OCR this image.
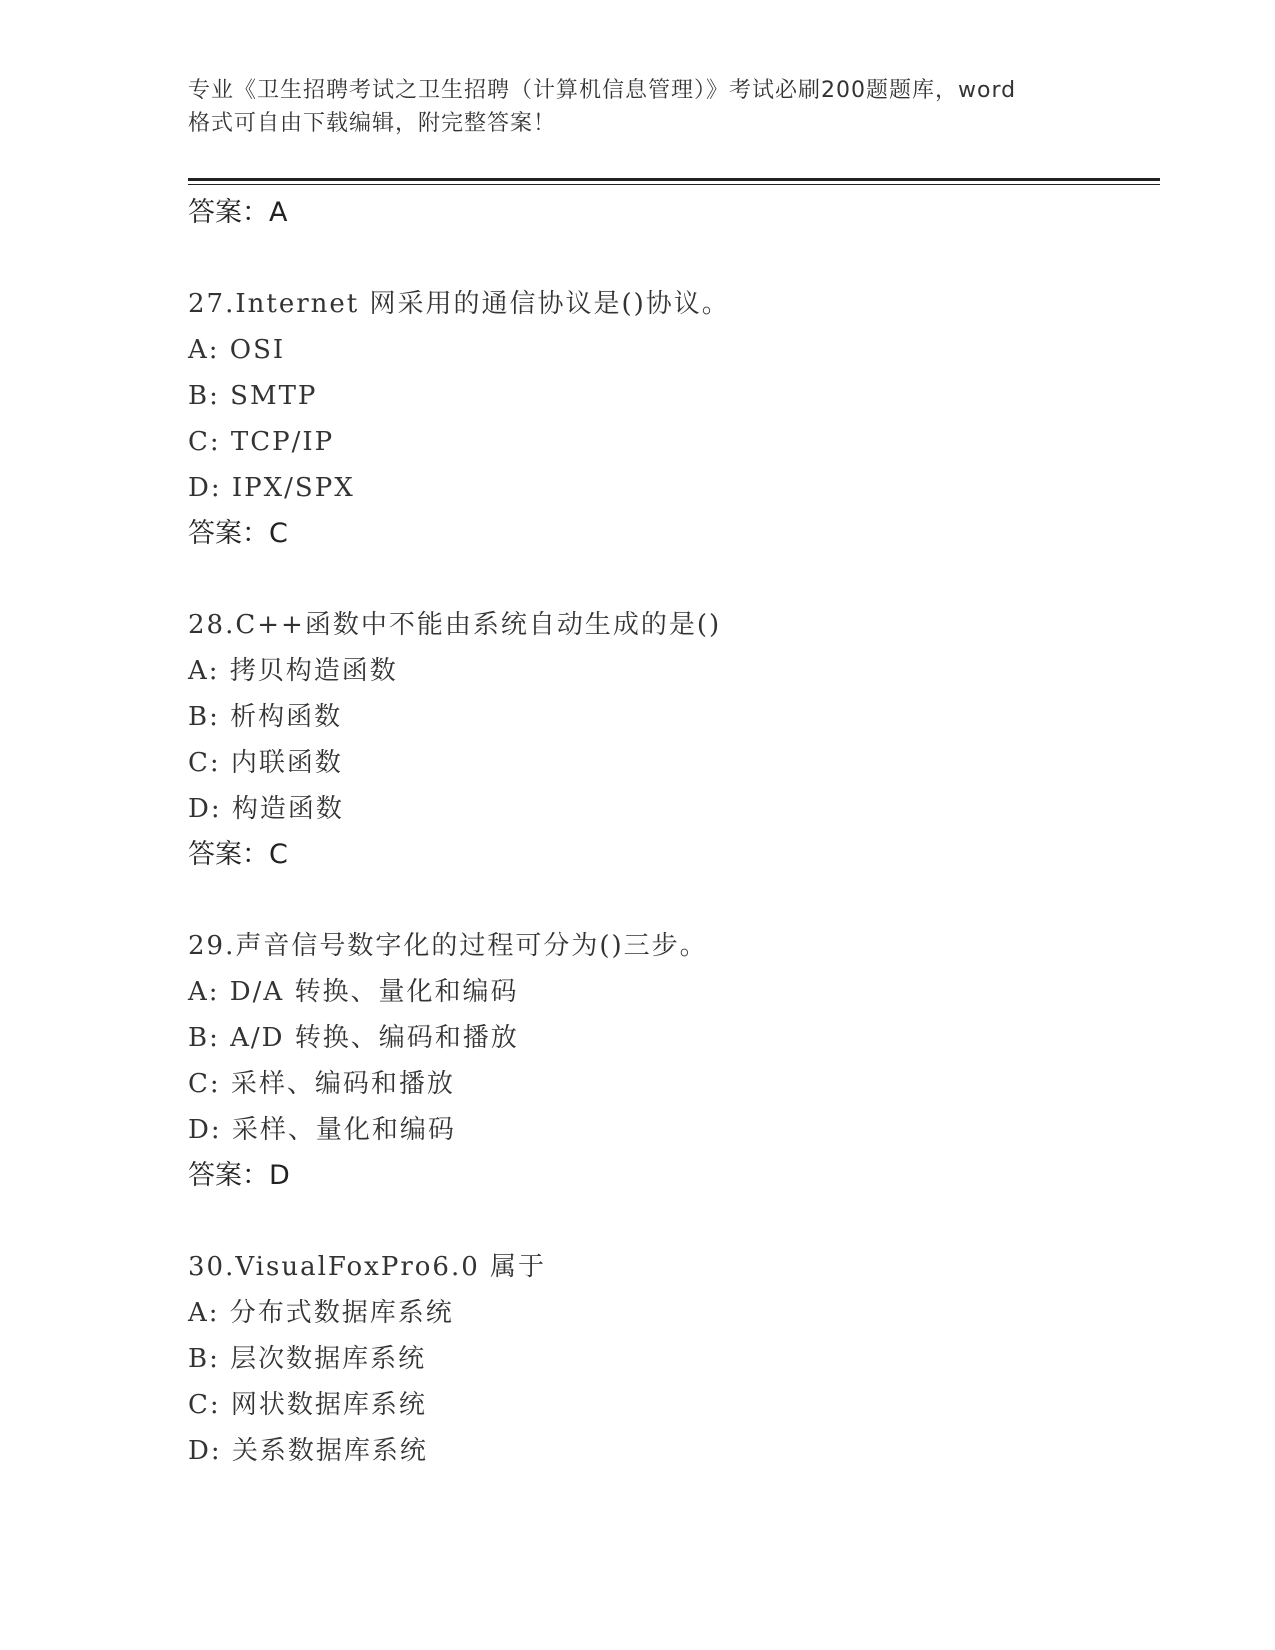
专业《卫生招聘考试之卫生招聘（计算机信息管理）》考试必刷200题题库，word
格式可自由下载编辑，附完整答案！
答案：A
27.Internet 网采用的通信协议是()协议。
A: OSI
B: SMTP
C: TCP/IP
D: IPX/SPX
答案：C
28.C++函数中不能由系统自动生成的是()
A: 拷贝构造函数
B: 析构函数
C: 内联函数
D: 构造函数
答案：C
29.声音信号数字化的过程可分为()三步。
A: D/A 转换、量化和编码
B: A/D 转换、编码和播放
C: 采样、编码和播放
D: 采样、量化和编码
答案：D
30.VisualFoxPro6.0 属于
A: 分布式数据库系统
B: 层次数据库系统
C: 网状数据库系统
D: 关系数据库系统
